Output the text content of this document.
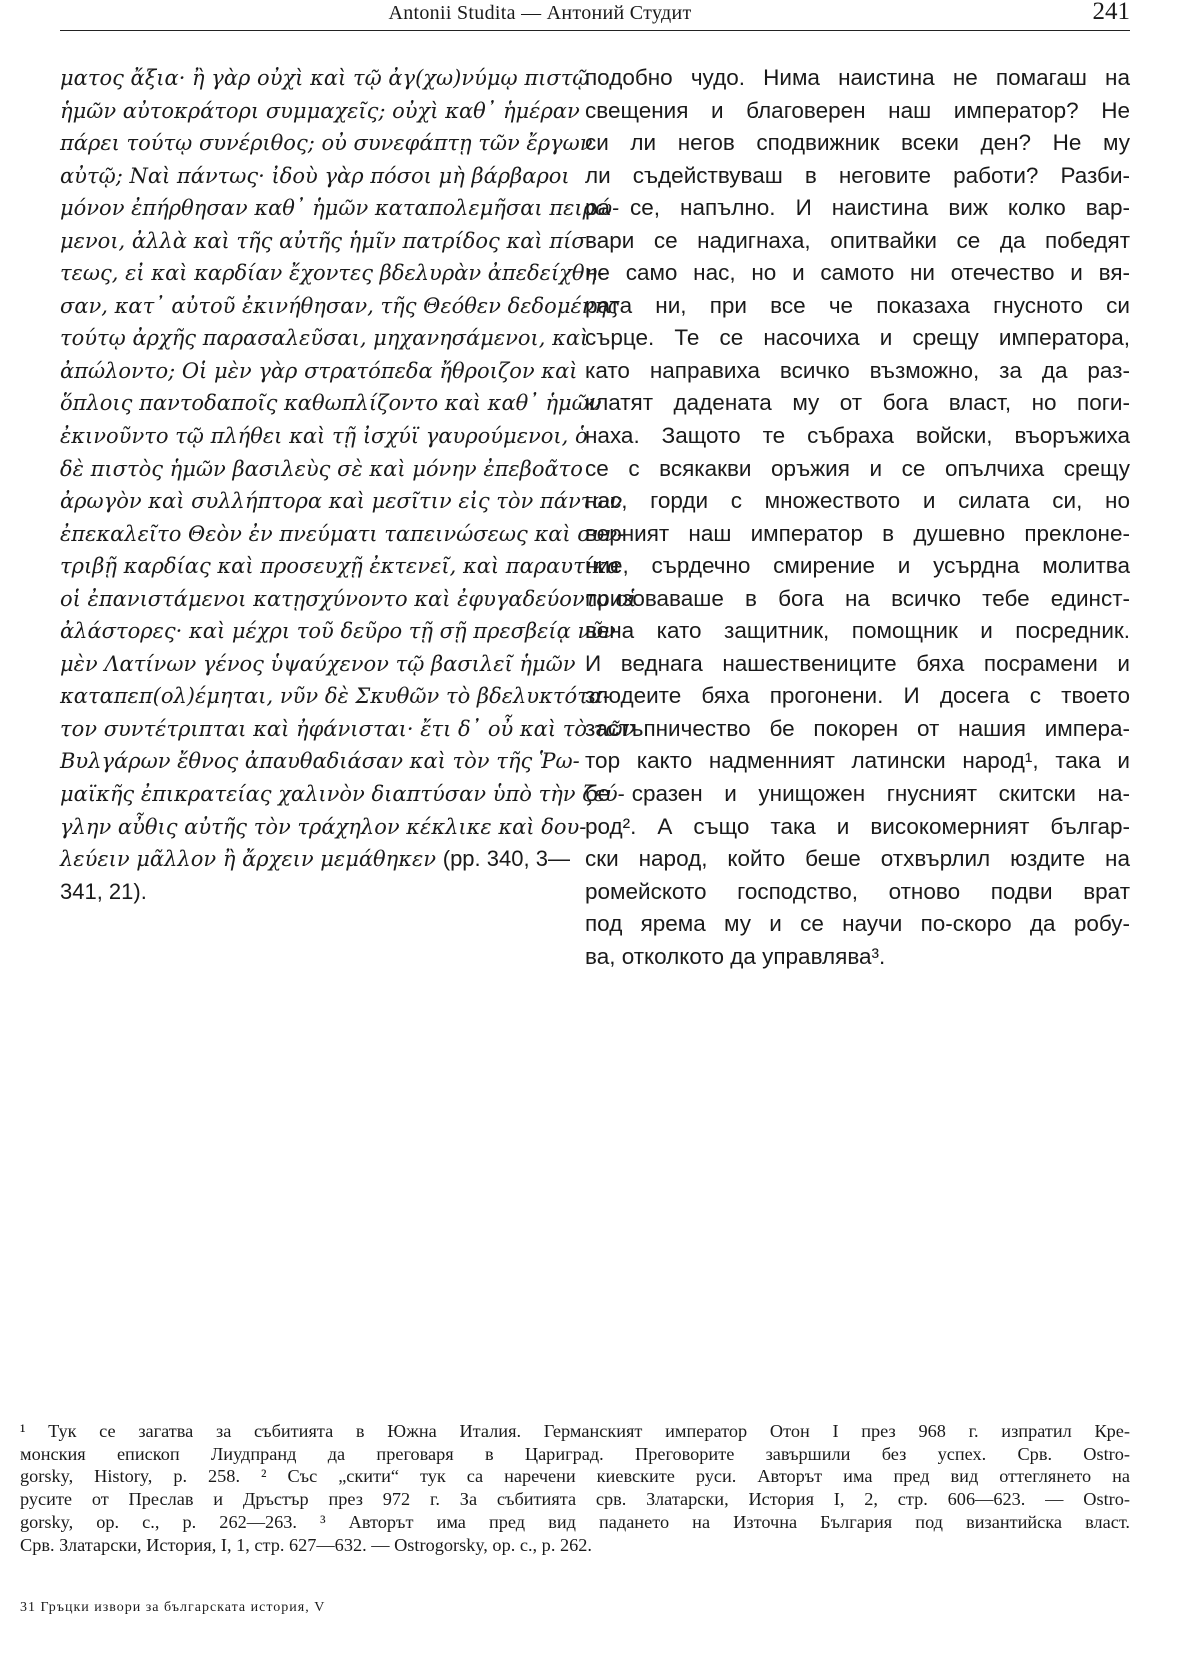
Antonii Studita — Антоний Студит	241
ματος ἄξια· ἢ γὰρ οὐχὶ καὶ τῷ ἀγ(χω)νύμῳ πιστῷ
ἡμῶν αὐτοκράτορι συμμαχεῖς; οὐχὶ καθ᾽ ἡμέραν
πάρει τούτῳ συνέριθος; οὐ συνεφάπτῃ τῶν ἔργων
αὐτῷ; Ναὶ πάντως· ἰδοὺ γὰρ πόσοι μὴ βάρβαροι
μόνον ἐπήρθησαν καθ᾽ ἡμῶν καταπολεμῆσαι πειρώ-
μενοι, ἀλλὰ καὶ τῆς αὐτῆς ἡμῖν πατρίδος καὶ πίσ-
τεως, εἰ καὶ καρδίαν ἔχοντες βδελυρὰν ἀπεδείχθη-
σαν, κατ᾽ αὐτοῦ ἐκινήθησαν, τῆς Θεόθεν δεδομένης
τούτῳ ἀρχῆς παρασαλεῦσαι, μηχανησάμενοι, καὶ
ἀπώλοντο; Οἱ μὲν γὰρ στρατόπεδα ἤθροιζον καὶ
ὅπλοις παντοδαποῖς καθωπλίζοντο καὶ καθ᾽ ἡμῶν
ἐκινοῦντο τῷ πλήθει καὶ τῇ ἰσχύϊ γαυρούμενοι, ὁ
δὲ πιστὸς ἡμῶν βασιλεὺς σὲ καὶ μόνην ἐπεβοᾶτο
ἀρωγὸν καὶ συλλήπτορα καὶ μεσῖτιν εἰς τὸν πάντων
ἐπεκαλεῖτο Θεὸν ἐν πνεύματι ταπεινώσεως καὶ συν-
τριβῇ καρδίας καὶ προσευχῇ ἐκτενεῖ, καὶ παραυτίκα
οἱ ἐπανιστάμενοι κατῃσχύνοντο καὶ ἐφυγαδεύοντο οἱ
ἀλάστορες· καὶ μέχρι τοῦ δεῦρο τῇ σῇ πρεσβείᾳ νῦν
μὲν Λατίνων γένος ὑψαύχενον τῷ βασιλεῖ ἡμῶν
καταπεπ(ολ)έμηται, νῦν δὲ Σκυθῶν τὸ βδελυκτότα-
τον συντέτριπται καὶ ἠφάνισται· ἔτι δ᾽ οὖ καὶ τὸ τῶν
Βυλγάρων ἔθνος ἀπαυθαδιάσαν καὶ τὸν τῆς Ῥω-
μαϊκῆς ἐπικρατείας χαλινὸν διαπτύσαν ὑπὸ τὴν ζεύ-
γλην αὖθις αὐτῆς τὸν τράχηλον κέκλικε καὶ δου-
λεύειν μᾶλλον ἢ ἄρχειν μεμάθηκεν (pp. 340, 3—
341, 21).
подобно чудо. Нима наистина не помагаш на
свещения и благоверен наш император? Не
си ли негов сподвижник всеки ден? Не му
ли съдействуваш в неговите работи? Разби-
ра се, напълно. И наистина виж колко вар-
вари се надигнаха, опитвайки се да победят
не само нас, но и самото ни отечество и вя-
рата ни, при все че показаха гнусното си
сърце. Те се насочиха и срещу императора,
като направиха всичко възможно, за да раз-
клатят дадената му от бога власт, но поги-
наха. Защото те събраха войски, въоръжиха
се с всякакви оръжия и се опълчиха срещу
нас, горди с множеството и силата си, но
верният наш император в душевно преклоне-
ние, сърдечно смирение и усърдна молитва
призоваваше в бога на всичко тебе единст-
вена като защитник, помощник и посредник.
И веднага нашествениците бяха посрамени и
злодеите бяха прогонени. И досега с твоето
застъпничество бе покорен от нашия импера-
тор както надменният латински народ¹, така и
бе сразен и унищожен гнусният скитски на-
род². А също така и високомерният българ-
ски народ, който беше отхвърлил юздите на
ромейското господство, отново подви врат
под ярема му и се научи по-скоро да робу-
ва, отколкото да управлява³.
¹ Тук се загатва за събитията в Южна Италия. Германският император Отон I през 968 г. изпратил Кре-
монския епископ Лиудпранд да преговаря в Цариград. Преговорите завършили без успех. Срв. Ostro-
gorsky, History, p. 258. ² Със „скити“ тук са наречени киевските руси. Авторът има пред вид оттеглянето на
русите от Преслав и Дръстър през 972 г. За събитията срв. Златарски, История I, 2, стр. 606—623. — Ostro-
gorsky, op. c., p. 262—263. ³ Авторът има пред вид падането на Източна България под византийска власт.
Срв. Златарски, История, I, 1, стр. 627—632. — Ostrogorsky, op. c., p. 262.
31 Гръцки извори за българската история, V
